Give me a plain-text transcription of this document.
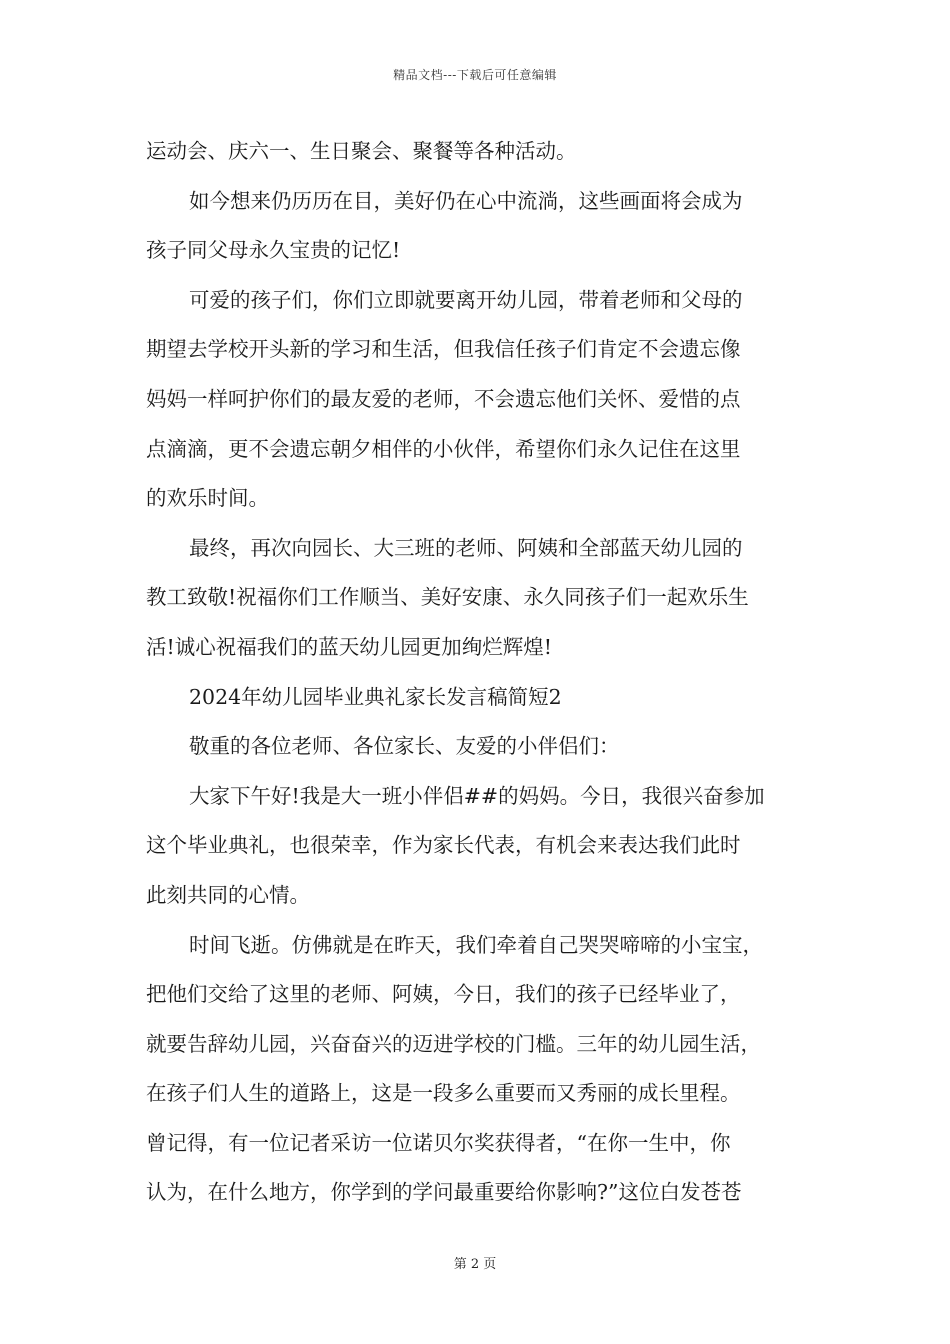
精品文档---下载后可任意编辑
运动会、庆六一、生日聚会、聚餐等各种活动。
如今想来仍历历在目，美好仍在心中流淌，这些画面将会成为
孩子同父母永久宝贵的记忆!
可爱的孩子们，你们立即就要离开幼儿园，带着老师和父母的
期望去学校开头新的学习和生活，但我信任孩子们肯定不会遗忘像
妈妈一样呵护你们的最友爱的老师，不会遗忘他们关怀、爱惜的点
点滴滴，更不会遗忘朝夕相伴的小伙伴，希望你们永久记住在这里
的欢乐时间。
最终，再次向园长、大三班的老师、阿姨和全部蓝天幼儿园的
教工致敬!祝福你们工作顺当、美好安康、永久同孩子们一起欢乐生
活!诚心祝福我们的蓝天幼儿园更加绚烂辉煌!
2024年幼儿园毕业典礼家长发言稿简短2
敬重的各位老师、各位家长、友爱的小伴侣们：
大家下午好!我是大一班小伴侣##的妈妈。今日，我很兴奋参加
这个毕业典礼，也很荣幸，作为家长代表，有机会来表达我们此时
此刻共同的心情。
时间飞逝。仿佛就是在昨天，我们牵着自己哭哭啼啼的小宝宝，
把他们交给了这里的老师、阿姨，今日，我们的孩子已经毕业了，
就要告辞幼儿园，兴奋奋兴的迈进学校的门槛。三年的幼儿园生活，
在孩子们人生的道路上，这是一段多么重要而又秀丽的成长里程。
曾记得，有一位记者采访一位诺贝尔奖获得者，“在你一生中，你
认为，在什么地方，你学到的学问最重要给你影响?”这位白发苍苍
第 2 页
